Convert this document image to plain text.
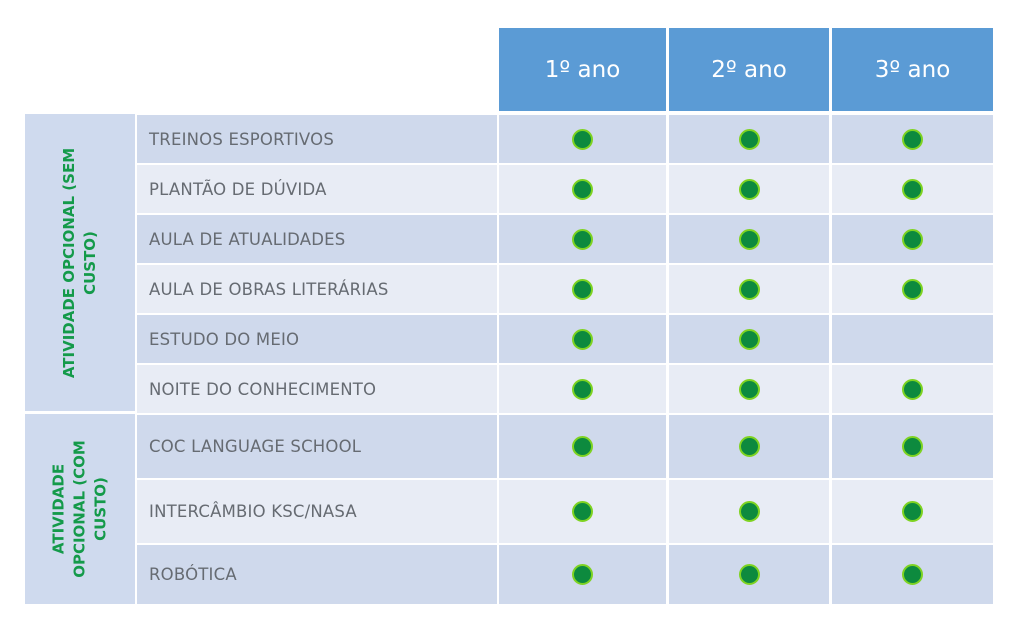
1º ano	2º ano	3º ano
ATIVIDADE OPCIONAL (SEM CUSTO)
ATIVIDADE OPCIONAL (COM CUSTO)
TREINOS ESPORTIVOS
PLANTÃO DE DÚVIDA
AULA DE ATUALIDADES
AULA DE OBRAS LITERÁRIAS
ESTUDO DO MEIO
NOITE DO CONHECIMENTO
COC LANGUAGE SCHOOL
INTERCÂMBIO KSC/NASA
ROBÓTICA
